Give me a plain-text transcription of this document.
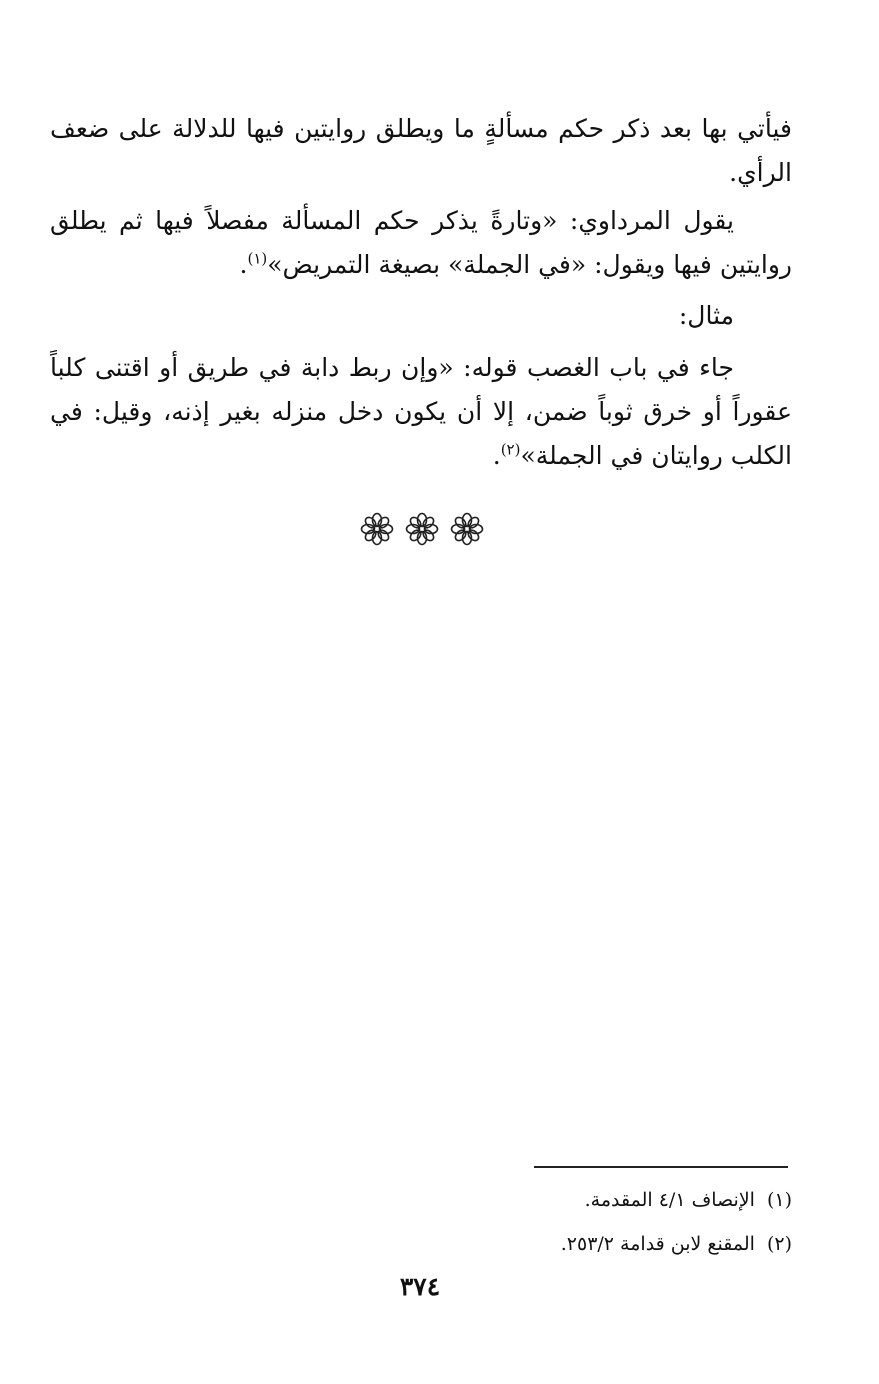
فيأتي بها بعد ذكر حكم مسألةٍ ما ويطلق روايتين فيها للدلالة على ضعف الرأي.

يقول المرداوي: «وتارةً يذكر حكم المسألة مفصلاً فيها ثم يطلق روايتين فيها ويقول: «في الجملة» بصيغة التمريض»$^{(١)}$.

مثال:

جاء في باب الغصب قوله: «وإن ربط دابة في طريق أو اقتنى كلباً عقوراً أو خرق ثوباً ضمن، إلا أن يكون دخل منزله بغير إذنه، وقيل: في الكلب روايتان في الجملة»$^{(٢)}$.

(١)الإنصاف ٤/١ المقدمة.

(٢)المقنع لابن قدامة ٢٥٣/٢.

٣٧٤
